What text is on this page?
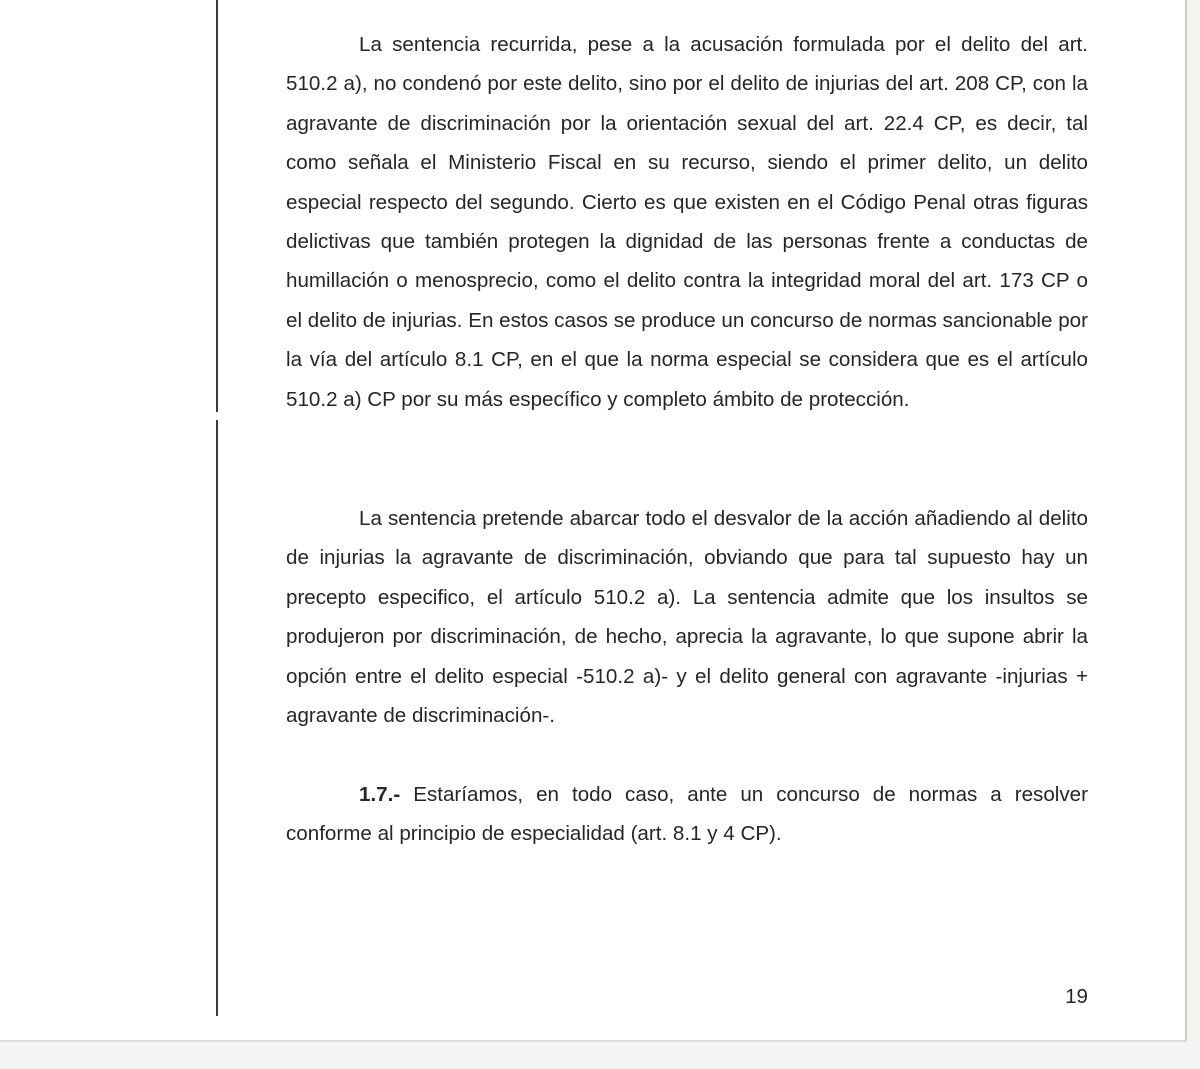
La sentencia recurrida, pese a la acusación formulada por el delito del art. 510.2 a), no condenó por este delito, sino por el delito de injurias del art. 208 CP, con la agravante de discriminación por la orientación sexual del art. 22.4 CP, es decir, tal como señala el Ministerio Fiscal en su recurso, siendo el primer delito, un delito especial respecto del segundo. Cierto es que existen en el Código Penal otras figuras delictivas que también protegen la dignidad de las personas frente a conductas de humillación o menosprecio, como el delito contra la integridad moral del art. 173 CP o el delito de injurias. En estos casos se produce un concurso de normas sancionable por la vía del artículo 8.1 CP, en el que la norma especial se considera que es el artículo 510.2 a) CP por su más específico y completo ámbito de protección.

La sentencia pretende abarcar todo el desvalor de la acción añadiendo al delito de injurias la agravante de discriminación, obviando que para tal supuesto hay un precepto especifico, el artículo 510.2 a). La sentencia admite que los insultos se produjeron por discriminación, de hecho, aprecia la agravante, lo que supone abrir la opción entre el delito especial -510.2 a)- y el delito general con agravante -injurias + agravante de discriminación-.

1.7.- Estaríamos, en todo caso, ante un concurso de normas a resolver conforme al principio de especialidad (art. 8.1 y 4 CP).

19
